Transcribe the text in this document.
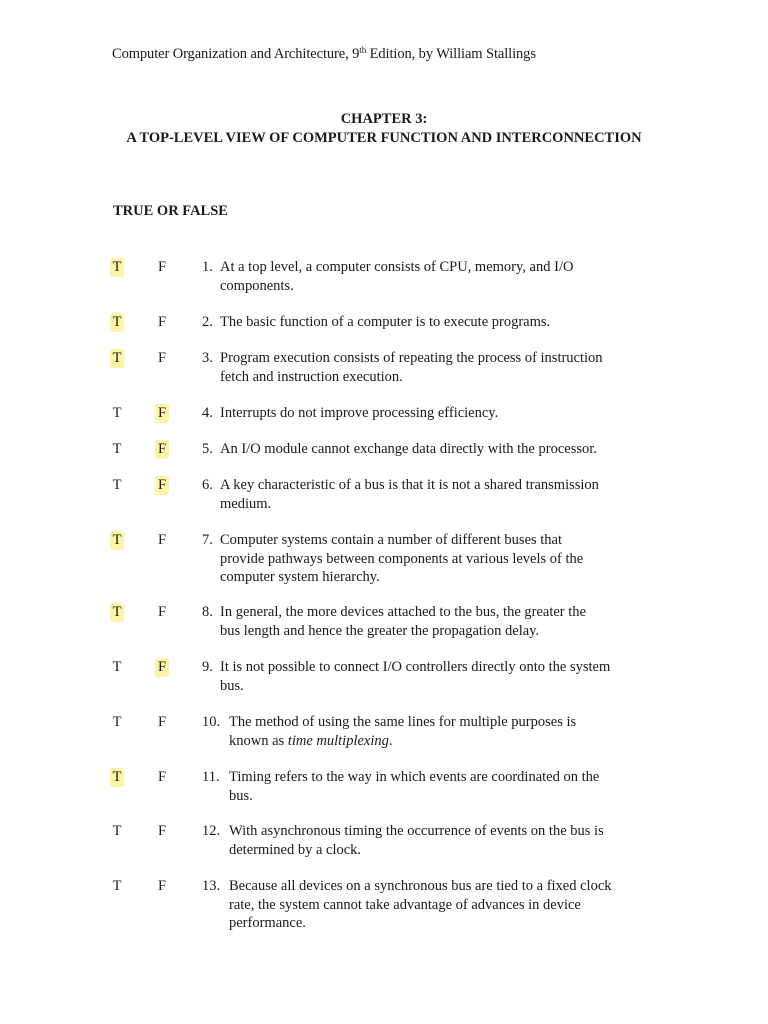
Computer Organization and Architecture, 9th Edition, by William Stallings
CHAPTER 3:
A TOP-LEVEL VIEW OF COMPUTER FUNCTION AND INTERCONNECTION
TRUE OR FALSE
T	F 1. At a top level, a computer consists of CPU, memory, and I/O
components.
T	F 2. The basic function of a computer is to execute programs.
T	F 3. Program execution consists of repeating the process of instruction
fetch and instruction execution.
T	F 4. Interrupts do not improve processing efficiency.
T	F 5. An I/O module cannot exchange data directly with the processor.
T	F 6. A key characteristic of a bus is that it is not a shared transmission
medium.
T	F 7. Computer systems contain a number of different buses that
provide pathways between components at various levels of the
computer system hierarchy.
T	F 8. In general, the more devices attached to the bus, the greater the
bus length and hence the greater the propagation delay.
T	F 9. It is not possible to connect I/O controllers directly onto the system
bus.
T	F 10. The method of using the same lines for multiple purposes is
known as time multiplexing.
T	F 11. Timing refers to the way in which events are coordinated on the
bus.
T	F 12. With asynchronous timing the occurrence of events on the bus is
determined by a clock.
T	F 13. Because all devices on a synchronous bus are tied to a fixed clock
rate, the system cannot take advantage of advances in device
performance.
